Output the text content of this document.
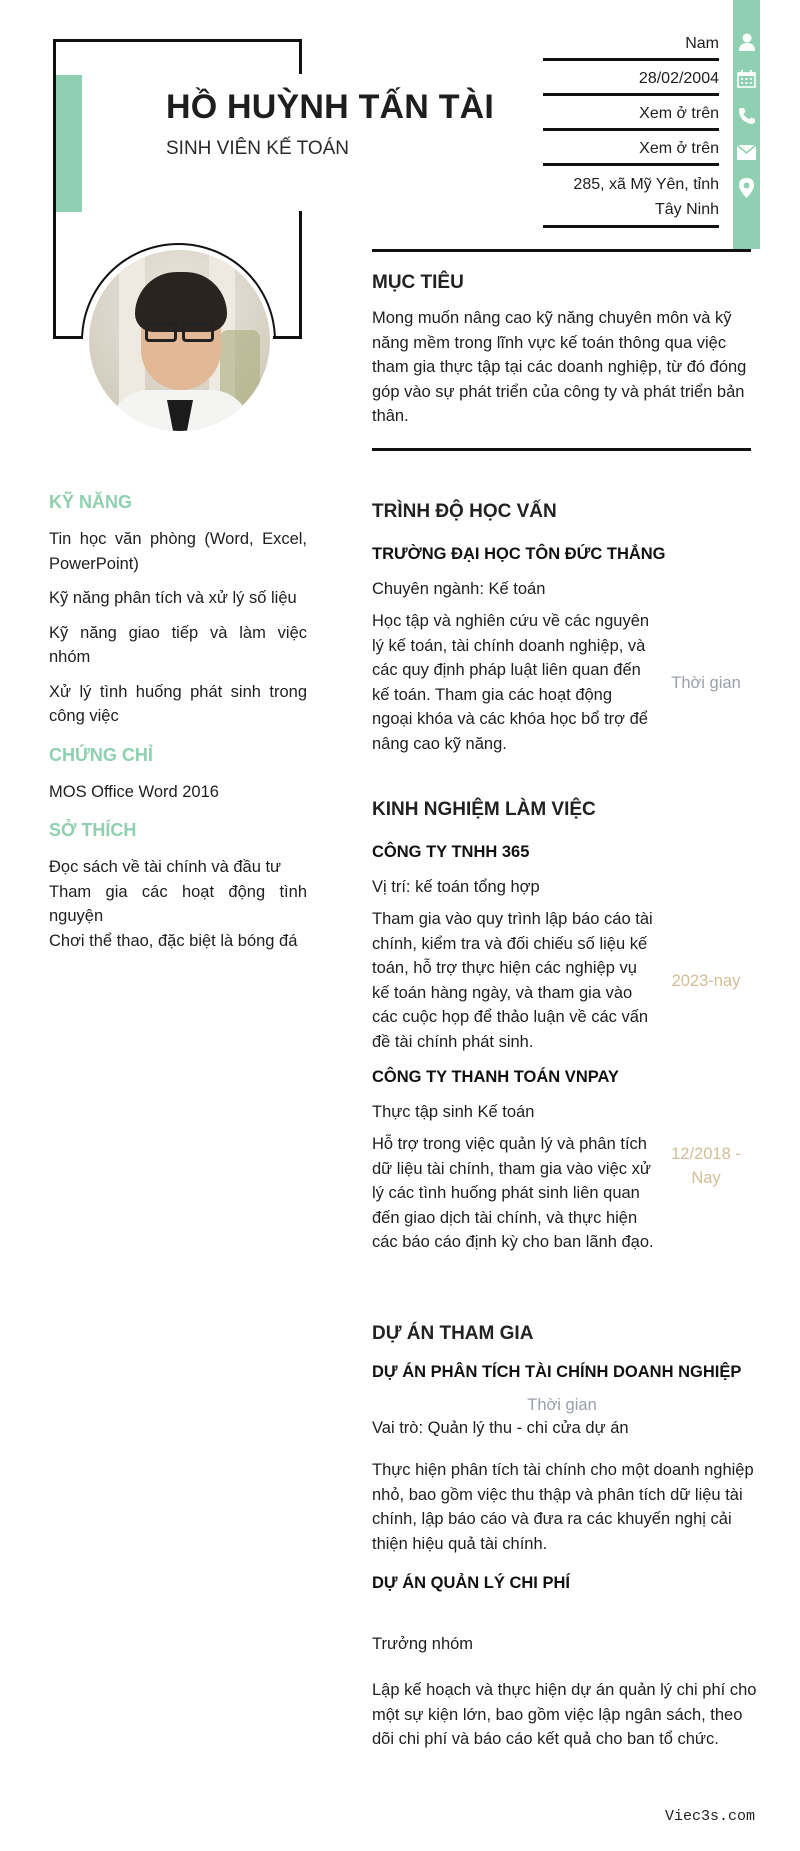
HỒ HUỲNH TẤN TÀI
SINH VIÊN KẾ TOÁN
Nam
28/02/2004
Xem ở trên
Xem ở trên
285, xã Mỹ Yên, tỉnh
Tây Ninh
MỤC TIÊU
Mong muốn nâng cao kỹ năng chuyên môn và kỹ năng mềm trong lĩnh vực kế toán thông qua việc tham gia thực tập tại các doanh nghiệp, từ đó đóng góp vào sự phát triển của công ty và phát triển bản thân.
KỸ NĂNG
Tin học văn phòng (Word, Excel, PowerPoint)
Kỹ năng phân tích và xử lý số liệu
Kỹ năng giao tiếp và làm việc nhóm
Xử lý tình huống phát sinh trong công việc
CHỨNG CHỈ
MOS Office Word 2016
SỞ THÍCH
Đọc sách về tài chính và đầu tư
Tham gia các hoạt động tình nguyện
Chơi thể thao, đặc biệt là bóng đá
TRÌNH ĐỘ HỌC VẤN
TRƯỜNG ĐẠI HỌC TÔN ĐỨC THẮNG
Chuyên ngành: Kế toán
Học tập và nghiên cứu về các nguyên lý kế toán, tài chính doanh nghiệp, và các quy định pháp luật liên quan đến kế toán. Tham gia các hoạt động ngoại khóa và các khóa học bổ trợ để nâng cao kỹ năng.
Thời gian
KINH NGHIỆM LÀM VIỆC
CÔNG TY TNHH 365
Vị trí: kế toán tổng hợp
Tham gia vào quy trình lập báo cáo tài chính, kiểm tra và đối chiếu số liệu kế toán, hỗ trợ thực hiện các nghiệp vụ kế toán hàng ngày, và tham gia vào các cuộc họp để thảo luận về các vấn đề tài chính phát sinh.
2023-nay
CÔNG TY THANH TOÁN VNPAY
Thực tập sinh Kế toán
Hỗ trợ trong việc quản lý và phân tích dữ liệu tài chính, tham gia vào việc xử lý các tình huống phát sinh liên quan đến giao dịch tài chính, và thực hiện các báo cáo định kỳ cho ban lãnh đạo.
12/2018 -
Nay
DỰ ÁN THAM GIA
DỰ ÁN PHÂN TÍCH TÀI CHÍNH DOANH NGHIỆP
Thời gian
Vai trò: Quản lý thu - chi cửa dự án
Thực hiện phân tích tài chính cho một doanh nghiệp nhỏ, bao gồm việc thu thập và phân tích dữ liệu tài chính, lập báo cáo và đưa ra các khuyến nghị cải thiện hiệu quả tài chính.
DỰ ÁN QUẢN LÝ CHI PHÍ
Trưởng nhóm
Lập kế hoạch và thực hiện dự án quản lý chi phí cho một sự kiện lớn, bao gồm việc lập ngân sách, theo dõi chi phí và báo cáo kết quả cho ban tổ chức.
Viec3s.com
